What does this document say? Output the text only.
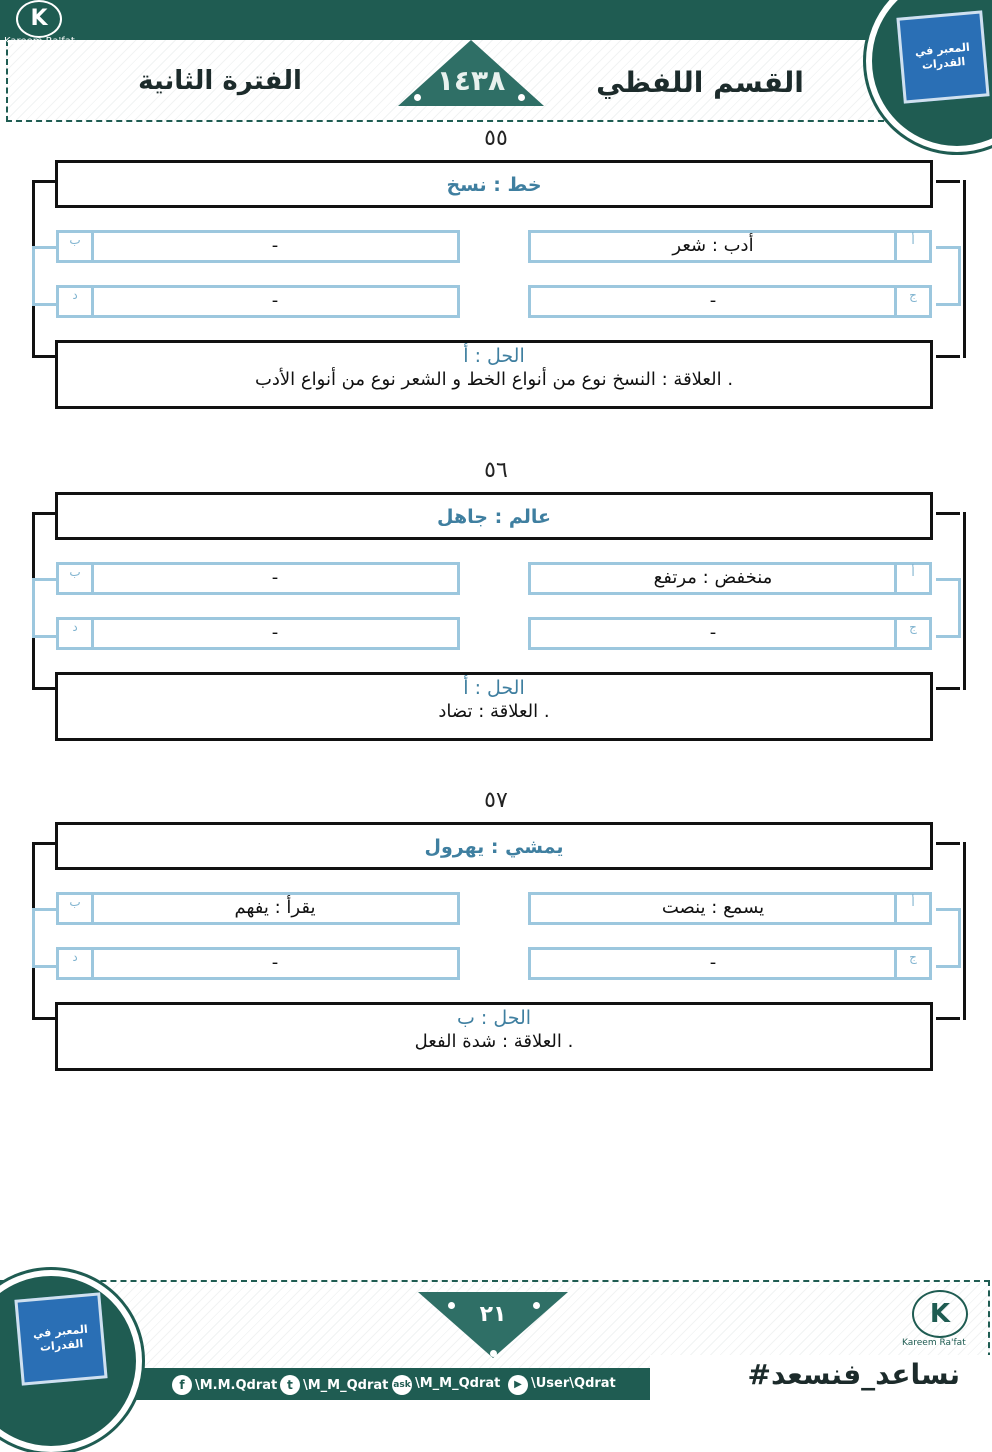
K
Kareem Ra'fat
الفترة الثانية	القسم اللفظي
١٤٣٨
المعبر في القدرات
٥٥
خط : نسخ
أ
أدب : شعر
ب	-
ج
-
د	-
الحل : أ
العلاقة : النسخ نوع من أنواع الخط و الشعر نوع من أنواع الأدب .
٥٦
عالم : جاهل
أ
منخفض : مرتفع
ب	-
ج
-
د	-
الحل : أ
العلاقة : تضاد .
٥٧
يمشي : يهرول
أ
يسمع : ينصت
ب	يقرأ : يفهم
ج
-
د	-
الحل : ب
العلاقة : شدة الفعل .
المعبر في القدرات
٢١	K
Kareem Ra'fat
#نساعد_فنسعد
f \M.M.Qdrat t \M_M_Qdrat ask \M_M_Qdrat	▶ \User\Qdrat
